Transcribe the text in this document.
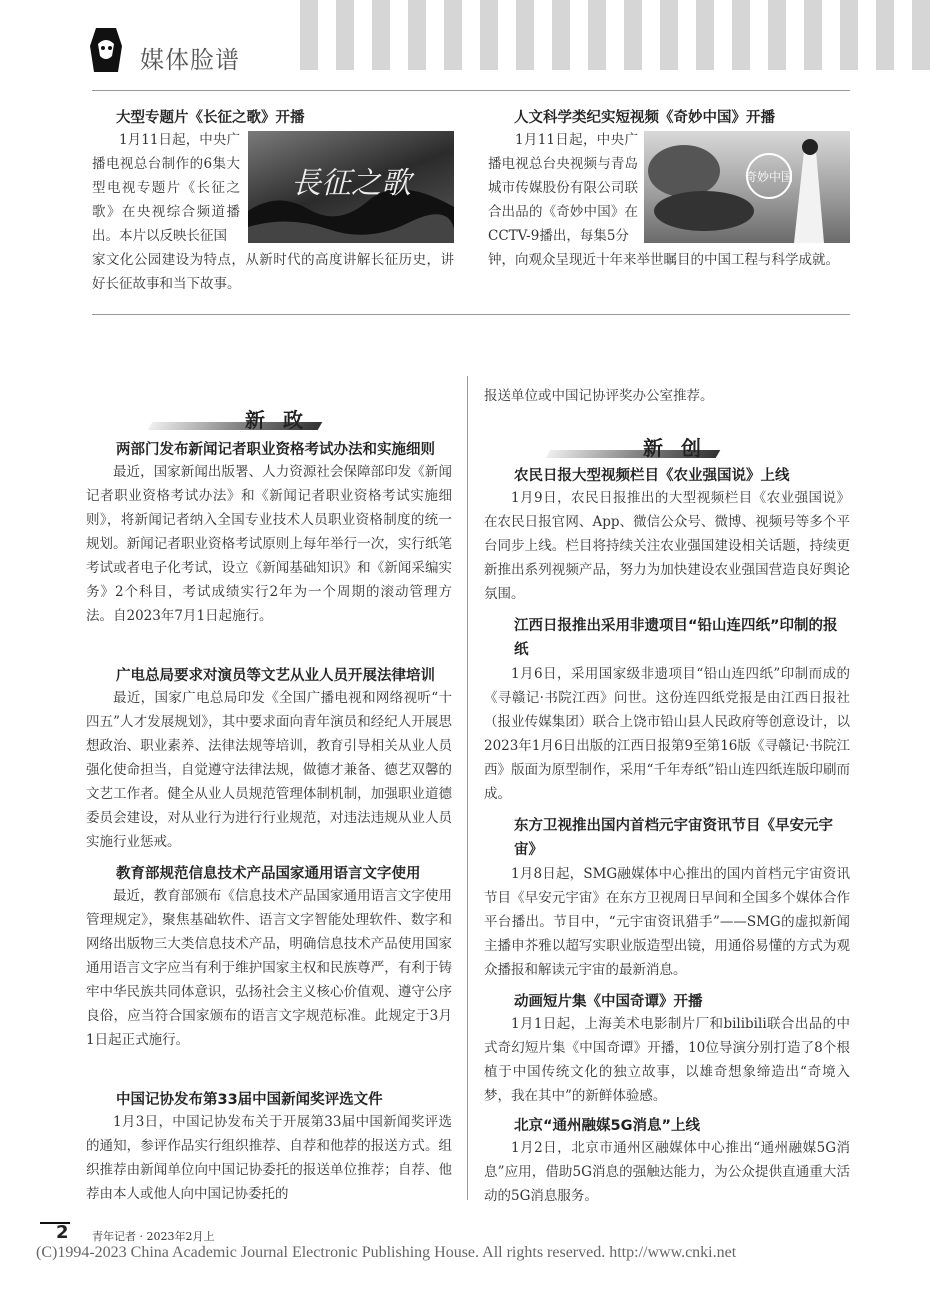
媒体脸谱
大型专题片《长征之歌》开播
長征之歌

1月11日起，中央广播电视总台制作的6集大型电视专题片《长征之歌》在央视综合频道播出。本片以反映长征国
人文科学类纪实短视频《奇妙中国》开播
奇妙中国
1月11日起，中央广播电视总台央视频与青岛城市传媒股份有限公司联合出品的《奇妙中国》在CCTV-9播出，每集5分
新政
两部门发布新闻记者职业资格考试办法和实施细则

最近，国家新闻出版署、人力资源社会保障部印发《新闻记者职业资格考试办法》和《新闻记者职业资格考试实施细则》，将新闻记者纳入全国专业技术人员职业资格制度的统一规划。新闻记者职业资格考试原则上每年举行一次，实行纸笔考试或者电子化考试，设立《新闻基础知识》和《新闻采编实务》2个科目，考试成绩实行2年为一个周期的滚动管理方法。自2023年7月1日起施行。

广电总局要求对演员等文艺从业人员开展法律培训

最近，国家广电总局印发《全国广播电视和网络视听“十四五”人才发展规划》，其中要求面向青年演员和经纪人开展思想政治、职业素养、法律法规等培训，教育引导相关从业人员强化使命担当，自觉遵守法律法规，做德才兼备、德艺双馨的文艺工作者。健全从业人员规范管理体制机制，加强职业道德委员会建设，对从业行为进行行业规范，对违法违规从业人员实施行业惩戒。

教育部规范信息技术产品国家通用语言文字使用

最近，教育部颁布《信息技术产品国家通用语言文字使用管理规定》，聚焦基础软件、语言文字智能处理软件、数字和网络出版物三大类信息技术产品，明确信息技术产品使用国家通用语言文字应当有利于维护国家主权和民族尊严，有利于铸牢中华民族共同体意识，弘扬社会主义核心价值观、遵守公序良俗，应当符合国家颁布的语言文字规范标准。此规定于3月1日起正式施行。

中国记协发布第33届中国新闻奖评选文件

1月3日，中国记协发布关于开展第33届中国新闻奖评选的通知，参评作品实行组织推荐、自荐和他荐的报送方式。组织推荐由新闻单位向中国记协委托的报送单位推荐；自荐、他荐由本人或他人向中国记协委托的

报送单位或中国记协评奖办公室推荐。

新创
农民日报大型视频栏目《农业强国说》上线

1月9日，农民日报推出的大型视频栏目《农业强国说》在农民日报官网、App、微信公众号、微博、视频号等多个平台同步上线。栏目将持续关注农业强国建设相关话题，持续更新推出系列视频产品，努力为加快建设农业强国营造良好舆论氛围。

江西日报推出采用非遗项目“铅山连四纸”印制的报纸

1月6日，采用国家级非遗项目“铅山连四纸”印制而成的《寻赣记·书院江西》问世。这份连四纸党报是由江西日报社（报业传媒集团）联合上饶市铅山县人民政府等创意设计，以2023年1月6日出版的江西日报第9至第16版《寻赣记·书院江西》版面为原型制作，采用“千年寿纸”铅山连四纸连版印刷而成。

东方卫视推出国内首档元宇宙资讯节目《早安元宇宙》

1月8日起，SMG融媒体中心推出的国内首档元宇宙资讯节目《早安元宇宙》在东方卫视周日早间和全国多个媒体合作平台播出。节目中，“元宇宙资讯猎手”——SMG的虚拟新闻主播申芥雅以超写实职业版造型出镜，用通俗易懂的方式为观众播报和解读元宇宙的最新消息。

动画短片集《中国奇谭》开播

1月1日起，上海美术电影制片厂和bilibili联合出品的中式奇幻短片集《中国奇谭》开播，10位导演分别打造了8个根植于中国传统文化的独立故事，以雄奇想象缔造出“奇境入梦，我在其中”的新鲜体验感。

北京“通州融媒5G消息”上线

1月2日，北京市通州区融媒体中心推出“通州融媒5G消息”应用，借助5G消息的强触达能力，为公众提供直通重大活动的5G消息服务。

2 青年记者 · 2023年2月上
(C)1994-2023 China Academic Journal Electronic Publishing House. All rights reserved. http://www.cnki.net

家文化公园建设为特点，从新时代的高度讲解长征历史，讲好长征故事和当下故事。

钟，向观众呈现近十年来举世瞩目的中国工程与科学成就。
